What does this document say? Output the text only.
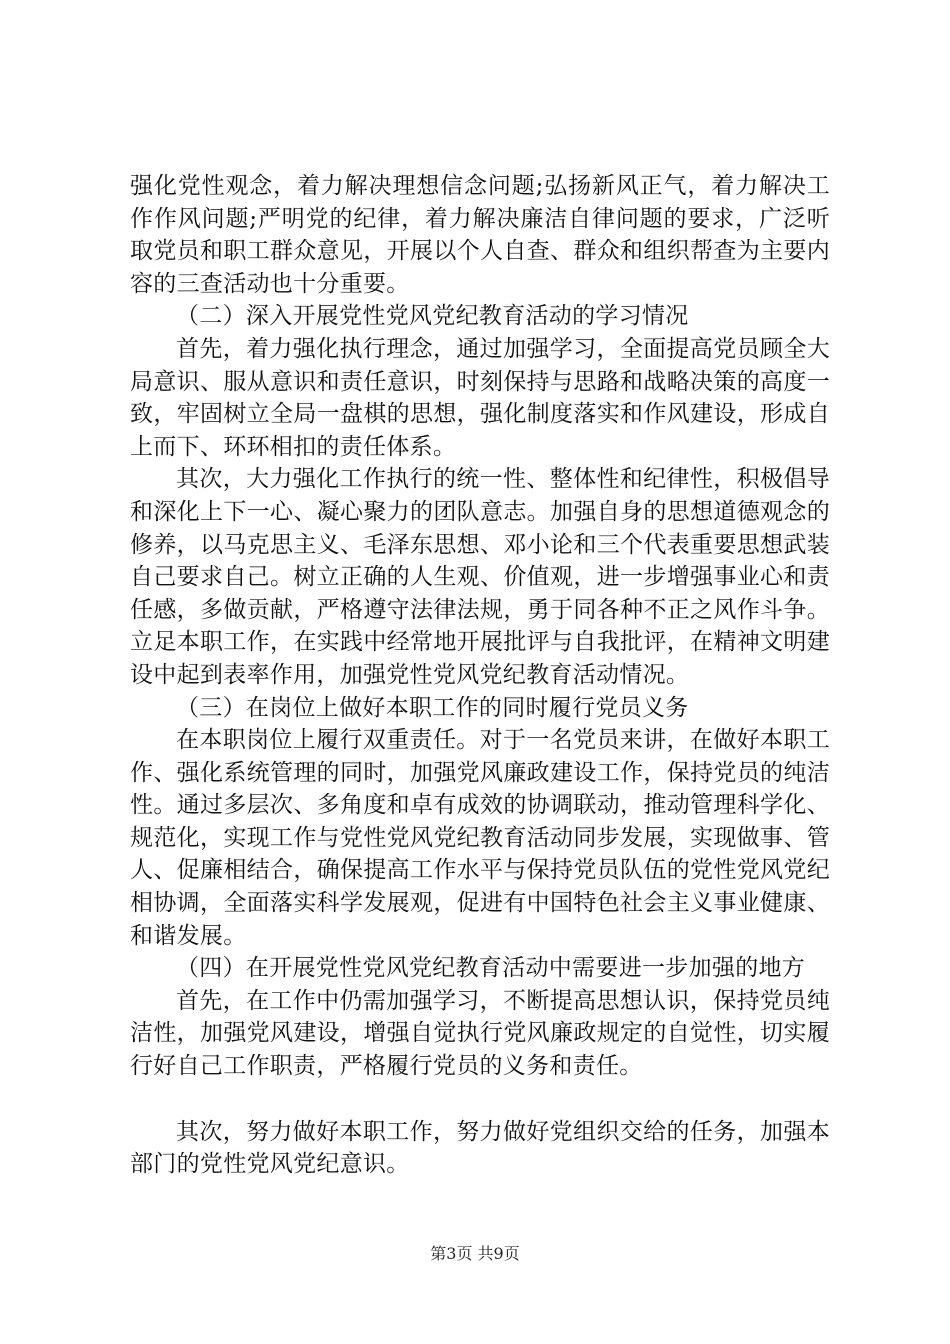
强化党性观念，着力解决理想信念问题;弘扬新风正气，着力解决工作作风问题;严明党的纪律，着力解决廉洁自律问题的要求，广泛听取党员和职工群众意见，开展以个人自查、群众和组织帮查为主要内容的三查活动也十分重要。

（二）深入开展党性党风党纪教育活动的学习情况

首先，着力强化执行理念，通过加强学习，全面提高党员顾全大局意识、服从意识和责任意识，时刻保持与思路和战略决策的高度一致，牢固树立全局一盘棋的思想，强化制度落实和作风建设，形成自上而下、环环相扣的责任体系。

其次，大力强化工作执行的统一性、整体性和纪律性，积极倡导和深化上下一心、凝心聚力的团队意志。加强自身的思想道德观念的修养，以马克思主义、毛泽东思想、邓小论和三个代表重要思想武装自己要求自己。树立正确的人生观、价值观，进一步增强事业心和责任感，多做贡献，严格遵守法律法规，勇于同各种不正之风作斗争。立足本职工作，在实践中经常地开展批评与自我批评，在精神文明建设中起到表率作用，加强党性党风党纪教育活动情况。

（三）在岗位上做好本职工作的同时履行党员义务

在本职岗位上履行双重责任。对于一名党员来讲，在做好本职工作、强化系统管理的同时，加强党风廉政建设工作，保持党员的纯洁性。通过多层次、多角度和卓有成效的协调联动，推动管理科学化、规范化，实现工作与党性党风党纪教育活动同步发展，实现做事、管人、促廉相结合，确保提高工作水平与保持党员队伍的党性党风党纪相协调，全面落实科学发展观，促进有中国特色社会主义事业健康、和谐发展。

（四）在开展党性党风党纪教育活动中需要进一步加强的地方

首先，在工作中仍需加强学习，不断提高思想认识，保持党员纯洁性，加强党风建设，增强自觉执行党风廉政规定的自觉性，切实履行好自己工作职责，严格履行党员的义务和责任。

其次，努力做好本职工作，努力做好党组织交给的任务，加强本部门的党性党风党纪意识。

第3页 共9页
